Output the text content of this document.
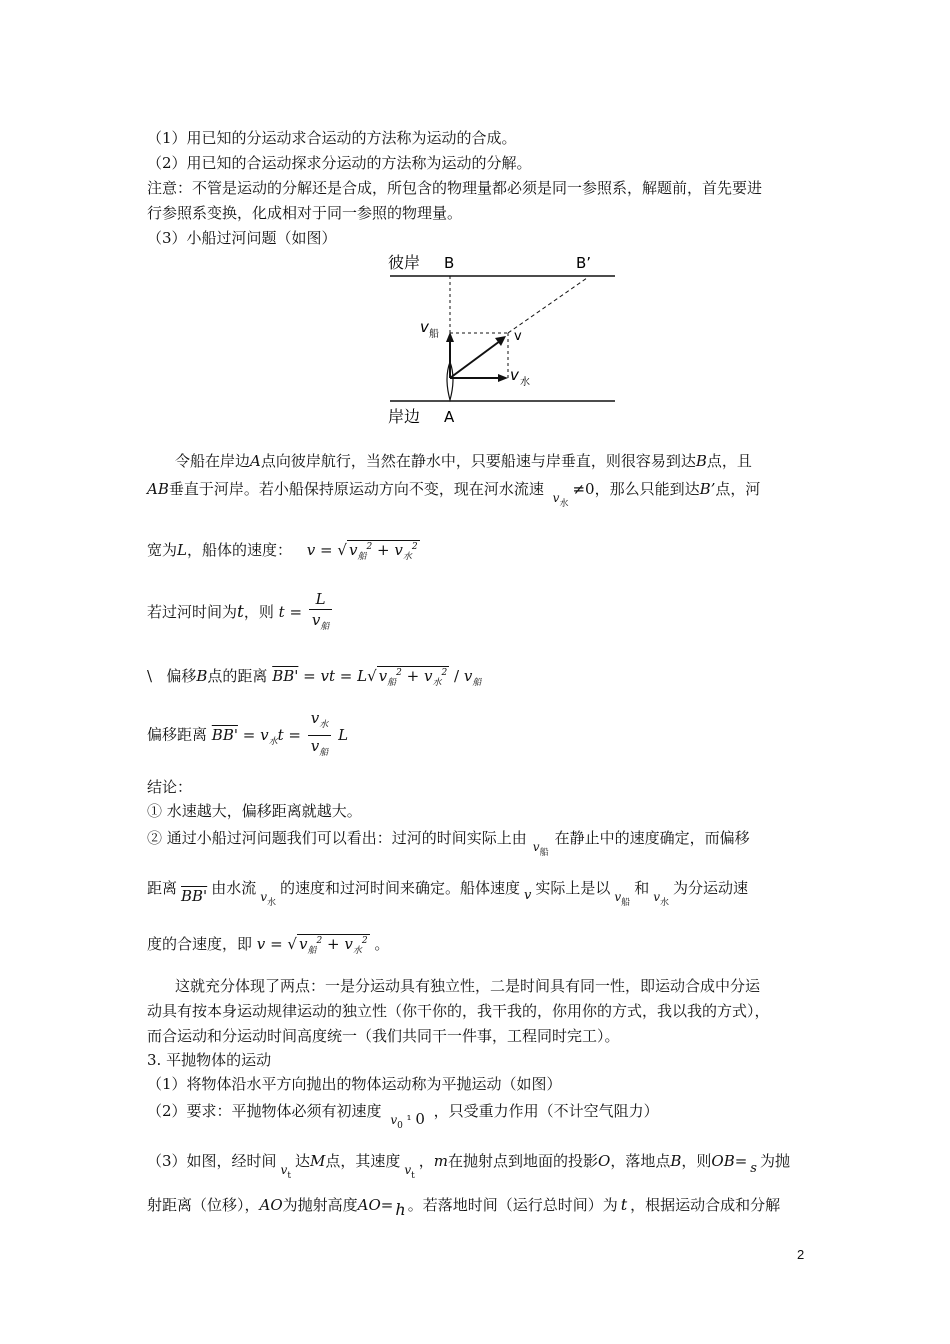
（1）用已知的分运动求合运动的方法称为运动的合成。
（2）用已知的合运动探求分运动的方法称为运动的分解。
注意：不管是运动的分解还是合成，所包含的物理量都必须是同一参照系，解题前，首先要进
行参照系变换，化成相对于同一参照的物理量。
（3）小船过河问题（如图）
彼岸 B	B’
v 船	v
v 水
岸边 A
令船在岸边A点向彼岸航行，当然在静水中，只要船速与岸垂直，则很容易到达B点，且
AB垂直于河岸。若小船保持原运动方向不变，现在河水流速 $v_水\ne 0$，那么只能到达B’点，河
宽为L，船体的速度： v = √ $v_船^2 + v_水^2$
若过河时间为t，则 $t = \frac{L}{v_船}$
\ 偏移B点的距离 BB' = vt = L√ $v_船^2 + v_水^2 / v_船$
偏移距离 $BB' = v_水t = \frac{v_水}{v_船}$ L
结论：
① 水速越大，偏移距离就越大。
② 通过小船过河问题我们可以看出：过河的时间实际上由 $v_船$在静止中的速度确定，而偏移
距离 BB' 由水流 $v_水$的速度和过河时间来确定。船体速度 v 实际上是以 $v_船$和 $v_水$为分运动速
度的合速度，即 v = √ $v_船^2 + v_水^2$ 。
这就充分体现了两点：一是分运动具有独立性，二是时间具有同一性，即运动合成中分运
动具有按本身运动规律运动的独立性（你干你的，我干我的，你用你的方式，我以我的方式），
而合运动和分运动时间高度统一（我们共同干一件事，工程同时完工）。
3. 平抛物体的运动
（1）将物体沿水平方向抛出的物体运动称为平抛运动（如图）
（2）要求：平抛物体必须有初速度 $v_0$ ¹ 0 ，只受重力作用（不计空气阻力）
（3）如图，经时间 $v_t$达M点，其速度 $v_t$，m在抛射点到地面的投影O，落地点B，则OB= s 为抛
射距离（位移），AO为抛射高度AO= h 。若落地时间（运行总时间）为 t ，根据运动合成和分解
2
